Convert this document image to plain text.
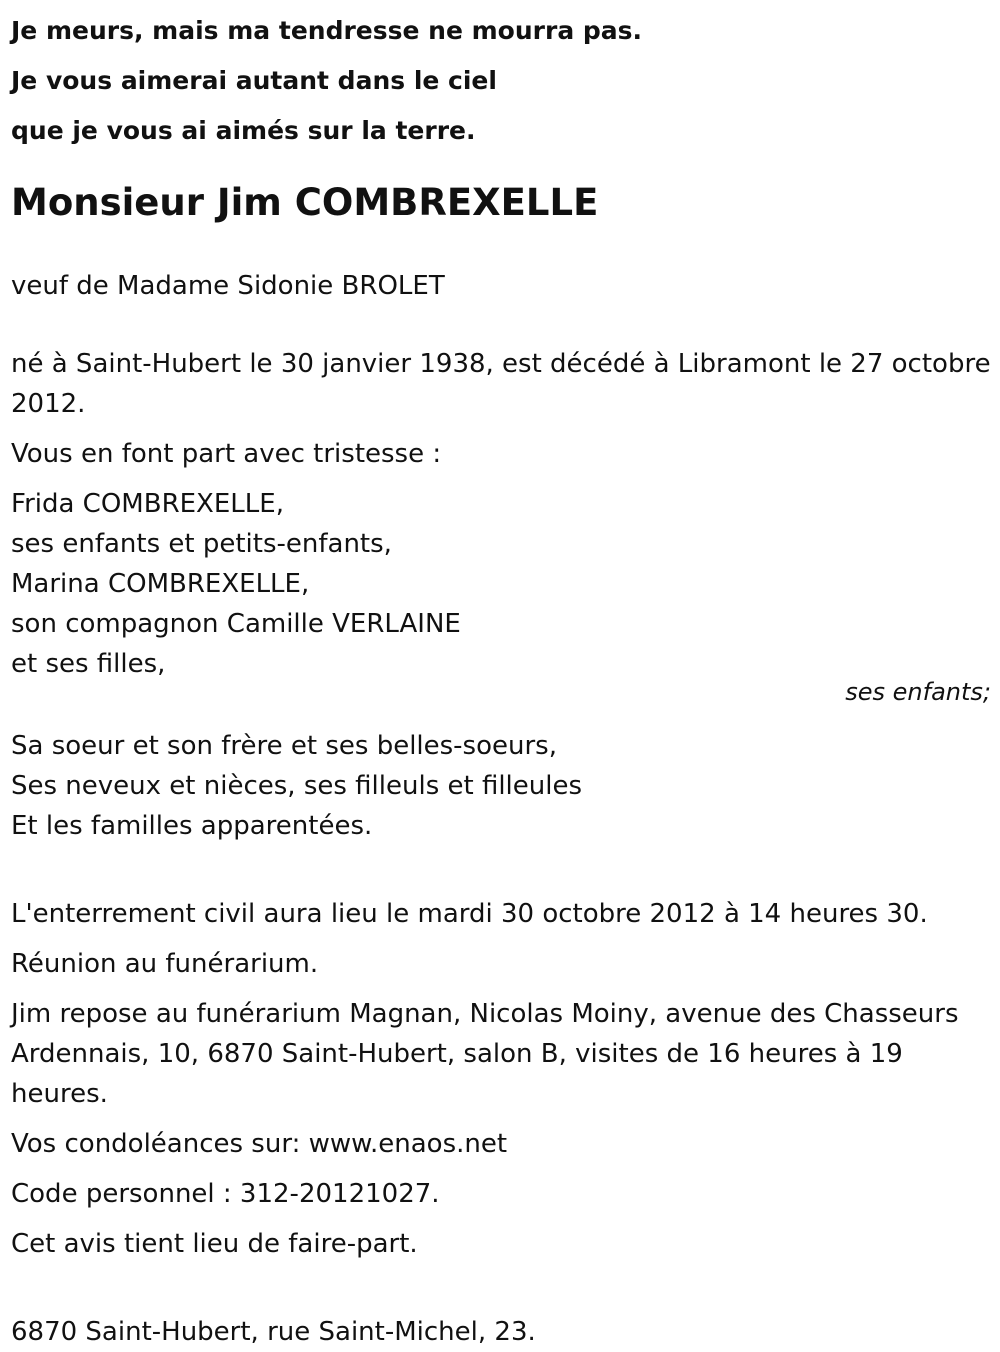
Je meurs, mais ma tendresse ne mourra pas.
Je vous aimerai autant dans le ciel
que je vous ai aimés sur la terre.
Monsieur Jim COMBREXELLE

veuf de Madame Sidonie BROLET

né à Saint-Hubert le 30 janvier 1938, est décédé à Libramont le 27 octobre 2012.

Vous en font part avec tristesse :

Frida COMBREXELLE,

ses enfants et petits-enfants,

Marina COMBREXELLE,

son compagnon Camille VERLAINE

et ses filles,

Sa soeur et son frère et ses belles-soeurs,

Ses neveux et nièces, ses filleuls et filleules

Et les familles apparentées.

L'enterrement civil aura lieu le mardi 30 octobre 2012 à 14 heures 30.

Réunion au funérarium.

Jim repose au funérarium Magnan, Nicolas Moiny, avenue des Chasseurs Ardennais, 10, 6870 Saint-Hubert, salon B, visites de 16 heures à 19 heures.

Vos condoléances sur: www.enaos.net

Code personnel : 312-20121027.

Cet avis tient lieu de faire-part.

6870 Saint-Hubert, rue Saint-Michel, 23.

ses enfants;
